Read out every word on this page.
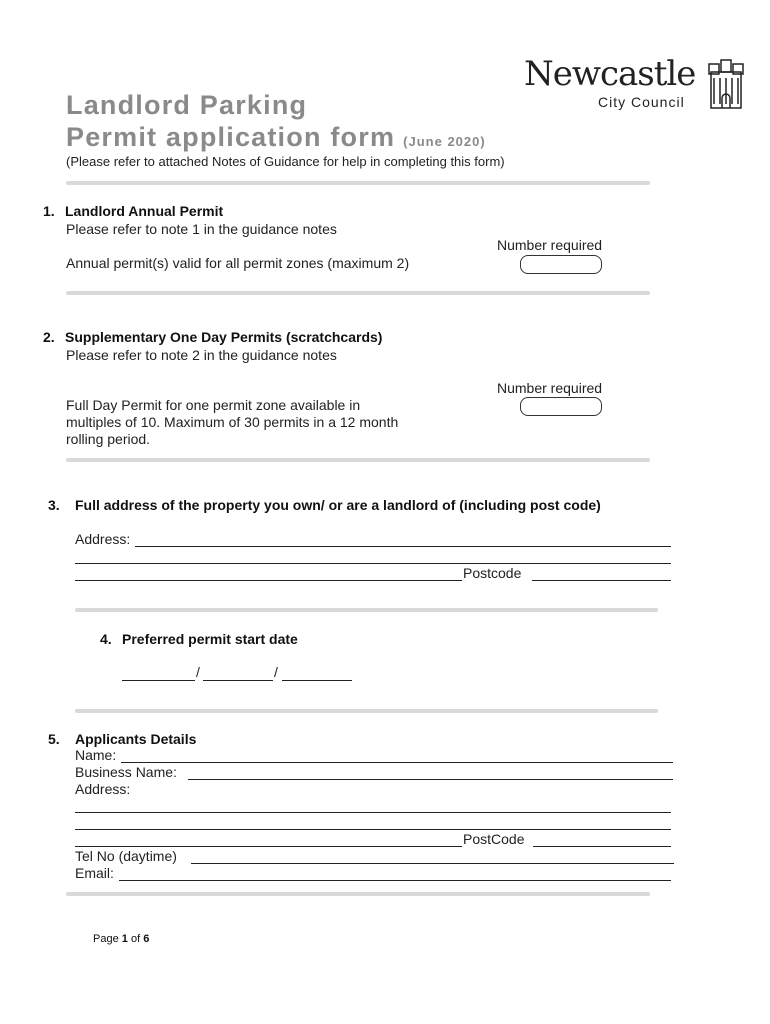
Newcastle
City Council
Landlord Parking
Permit application form (June 2020)
(Please refer to attached Notes of Guidance for help in completing this form)
1. Landlord Annual Permit
Please refer to note 1 in the guidance notes
Number required
Annual permit(s) valid for all permit zones (maximum 2)
2. Supplementary One Day Permits (scratchcards)
Please refer to note 2 in the guidance notes
Number required
Full Day Permit for one permit zone available in
multiples of 10. Maximum of 30 permits in a 12 month
rolling period.
3. Full address of the property you own/ or are a landlord of (including post code)
Address:
Postcode
4. Preferred permit start date
/	/
5. Applicants Details
Name:
Business Name:
Address:
PostCode
Tel No (daytime)
Email:
Page 1 of 6
